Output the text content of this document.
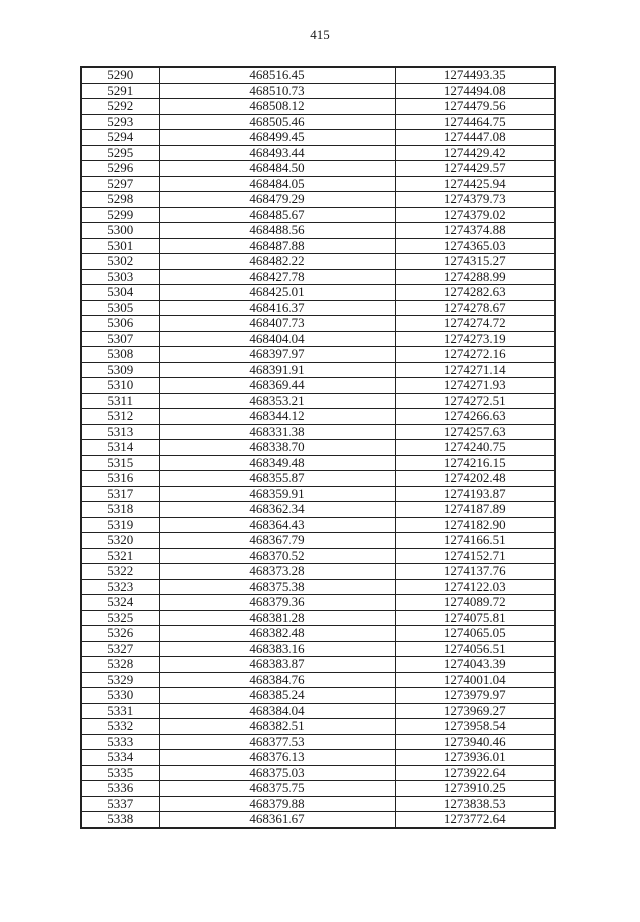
415
5290	468516.45	1274493.35
5291	468510.73	1274494.08
5292	468508.12	1274479.56
5293	468505.46	1274464.75
5294	468499.45	1274447.08
5295	468493.44	1274429.42
5296	468484.50	1274429.57
5297	468484.05	1274425.94
5298	468479.29	1274379.73
5299	468485.67	1274379.02
5300	468488.56	1274374.88
5301	468487.88	1274365.03
5302	468482.22	1274315.27
5303	468427.78	1274288.99
5304	468425.01	1274282.63
5305	468416.37	1274278.67
5306	468407.73	1274274.72
5307	468404.04	1274273.19
5308	468397.97	1274272.16
5309	468391.91	1274271.14
5310	468369.44	1274271.93
5311	468353.21	1274272.51
5312	468344.12	1274266.63
5313	468331.38	1274257.63
5314	468338.70	1274240.75
5315	468349.48	1274216.15
5316	468355.87	1274202.48
5317	468359.91	1274193.87
5318	468362.34	1274187.89
5319	468364.43	1274182.90
5320	468367.79	1274166.51
5321	468370.52	1274152.71
5322	468373.28	1274137.76
5323	468375.38	1274122.03
5324	468379.36	1274089.72
5325	468381.28	1274075.81
5326	468382.48	1274065.05
5327	468383.16	1274056.51
5328	468383.87	1274043.39
5329	468384.76	1274001.04
5330	468385.24	1273979.97
5331	468384.04	1273969.27
5332	468382.51	1273958.54
5333	468377.53	1273940.46
5334	468376.13	1273936.01
5335	468375.03	1273922.64
5336	468375.75	1273910.25
5337	468379.88	1273838.53
5338	468361.67	1273772.64
